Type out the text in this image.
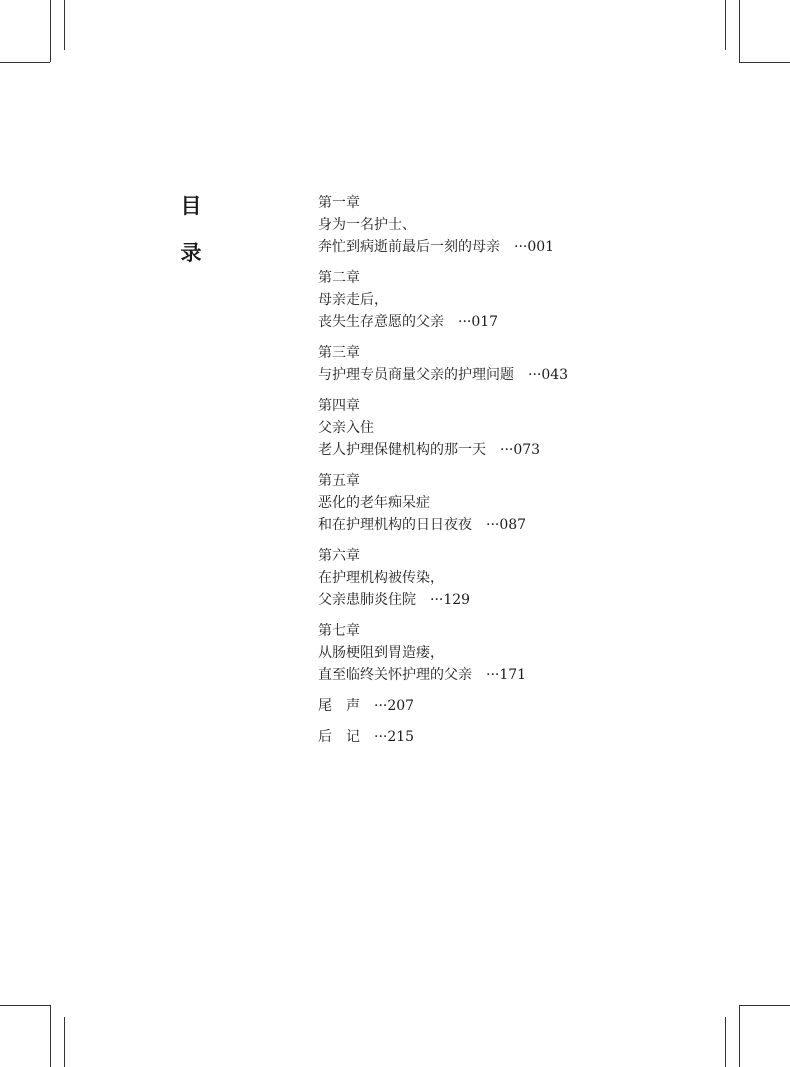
目
录
第一章
身为一名护士、
奔忙到病逝前最后一刻的母亲 ···001
第二章
母亲走后，
丧失生存意愿的父亲 ···017
第三章
与护理专员商量父亲的护理问题 ···043
第四章
父亲入住
老人护理保健机构的那一天 ···073
第五章
恶化的老年痴呆症
和在护理机构的日日夜夜 ···087
第六章
在护理机构被传染，
父亲患肺炎住院 ···129
第七章
从肠梗阻到胃造瘘，
直至临终关怀护理的父亲 ···171
尾 声 ···207
后 记 ···215
